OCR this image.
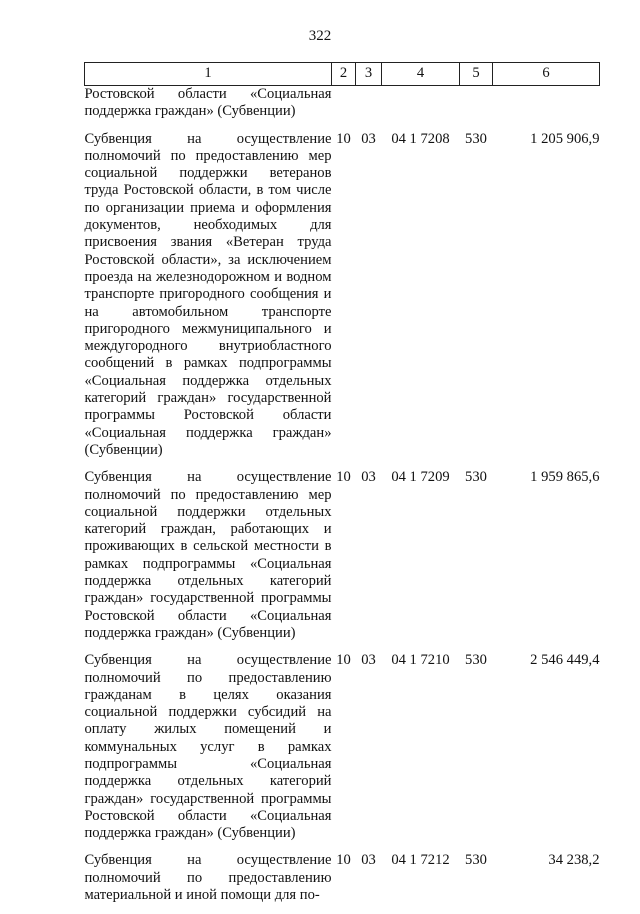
322
1	2	3	4	5	6
Ростовской области «Социальная поддержка граждан» (Субвенции)					
Субвенция на осуществление полномочий по предоставлению мер социальной поддержки ветеранов труда Ростовской области, в том числе по организации приема и оформления документов, необходимых для присвоения звания «Ветеран труда Ростовской области», за исключением проезда на железнодорожном и водном транспорте пригородного сообщения и на автомобильном транспорте пригородного межмуниципального и междугородного внутриобластного сообщений в рамках подпрограммы «Социальная поддержка отдельных категорий граждан» государственной программы Ростовской области «Социальная поддержка граждан» (Субвенции)	10	03	04 1 7208	530	1 205 906,9
Субвенция на осуществление полномочий по предоставлению мер социальной поддержки отдельных категорий граждан, работающих и проживающих в сельской местности в рамках подпрограммы «Социальная поддержка отдельных категорий граждан» государственной программы Ростовской области «Социальная поддержка граждан» (Субвенции)	10	03	04 1 7209	530	1 959 865,6
Субвенция на осуществление полномочий по предоставлению гражданам в целях оказания социальной поддержки субсидий на оплату жилых помещений и коммунальных услуг в рамках подпрограммы «Социальная поддержка отдельных категорий граждан» государственной программы Ростовской области «Социальная поддержка граждан» (Субвенции)	10	03	04 1 7210	530	2 546 449,4
Субвенция на осуществление полномочий по предоставлению материальной и иной помощи для по-	10	03	04 1 7212	530	34 238,2
